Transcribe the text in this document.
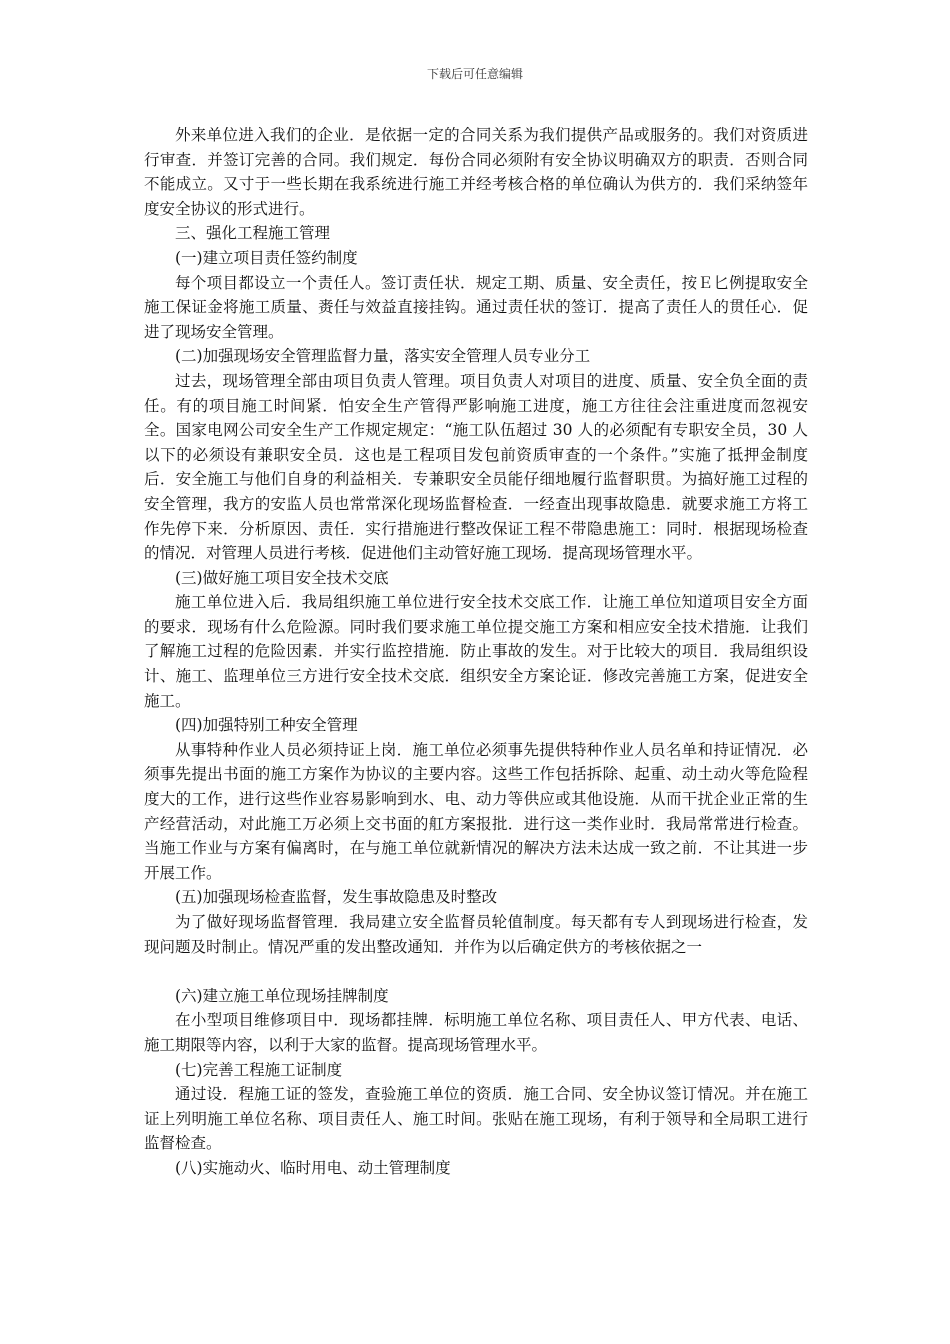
下载后可任意编辑

外来单位进入我们的企业．是依据一定的合同关系为我们提供产品或服务的。我们对资质进行审查．并签订完善的合同。我们规定．每份合同必须附有安全协议明确双方的职责．否则合同不能成立。又寸于一些长期在我系统进行施工并经考核合格的单位确认为供方的．我们采纳签年度安全协议的形式进行。

三、强化工程施工管理

(一)建立项目责任签约制度

每个项目都设立一个责任人。签订责任状．规定工期、质量、安全责任，按Ｅ匕例提取安全施工保证金将施工质量、赉任与效益直接挂钩。通过责任状的签订．提高了责任人的贯任心．促进了现场安全管理。

(二)加强现场安全管理监督力量，落实安全管理人员专业分工

过去，现场管理全部由项目负责人管理。项目负责人对项目的进度、质量、安全负全面的责任。有的项目施工时间紧．怕安全生产管得严影响施工进度，施工方往往会注重进度而忽视安全。国家电网公司安全生产工作规定规定：“施工队伍超过 30 人的必须配有专职安全员，30 人以下的必须设有兼职安全员．这也是工程项目发包前资质审查的一个条件。”实施了抵押金制度后．安全施工与他们自身的利益相关．专兼职安全员能仔细地履行监督职贯。为搞好施工过程的安全管理，我方的安监人员也常常深化现场监督检查．一经查出现事故隐患．就要求施工方将工作先停下来．分析原因、责任．实行措施进行整改保证工程不带隐患施工：同时．根据现场检查的情况．对管理人员进行考核．促进他们主动管好施工现场．提高现场管理水平。

(三)做好施工项目安全技术交底

施工单位进入后．我局组织施工单位进行安全技术交底工作．让施工单位知道项目安全方面的要求．现场有什么危险源。同时我们要求施工单位提交施工方案和相应安全技术措施．让我们了解施工过程的危险因素．并实行监控措施．防止事故的发生。对于比较大的项目．我局组织设计、施工、监理单位三方进行安全技术交底．组织安全方案论证．修改完善施工方案，促进安全施工。

(四)加强特别工种安全管理

从事特种作业人员必须持证上岗．施工单位必须事先提供特种作业人员名单和持证情况．必须事先提出书面的施工方案作为协议的主要内容。这些工作包括拆除、起重、动土动火等危险程度大的工作，进行这些作业容易影响到水、电、动力等供应或其他设施．从而干扰企业正常的生产经营活动，对此施工万必须上交书面的舡方案报批．进行这一类作业时．我局常常进行检查。当施工作业与方案有偏离时，在与施工单位就新情况的解决方法未达成一致之前．不让其进一步开展工作。

(五)加强现场检查监督，发生事故隐患及时整改

为了做好现场监督管理．我局建立安全监督员轮值制度。每天都有专人到现场进行检查，发现问题及时制止。情况严重的发出整改通知．并作为以后确定供方的考核依据之一

(六)建立施工单位现场挂牌制度

在小型项目维修项目中．现场都挂牌．标明施工单位名称、项目责任人、甲方代表、电话、施工期限等内容，以利于大家的监督。提高现场管理水平。

(七)完善工程施工证制度

通过设．程施工证的签发，查验施工单位的资质．施工合同、安全协议签订情况。并在施工证上列明施工单位名称、项目责任人、施工时间。张贴在施工现场，有利于领导和全局职工进行监督检查。

(八)实施动火、临时用电、动土管理制度
